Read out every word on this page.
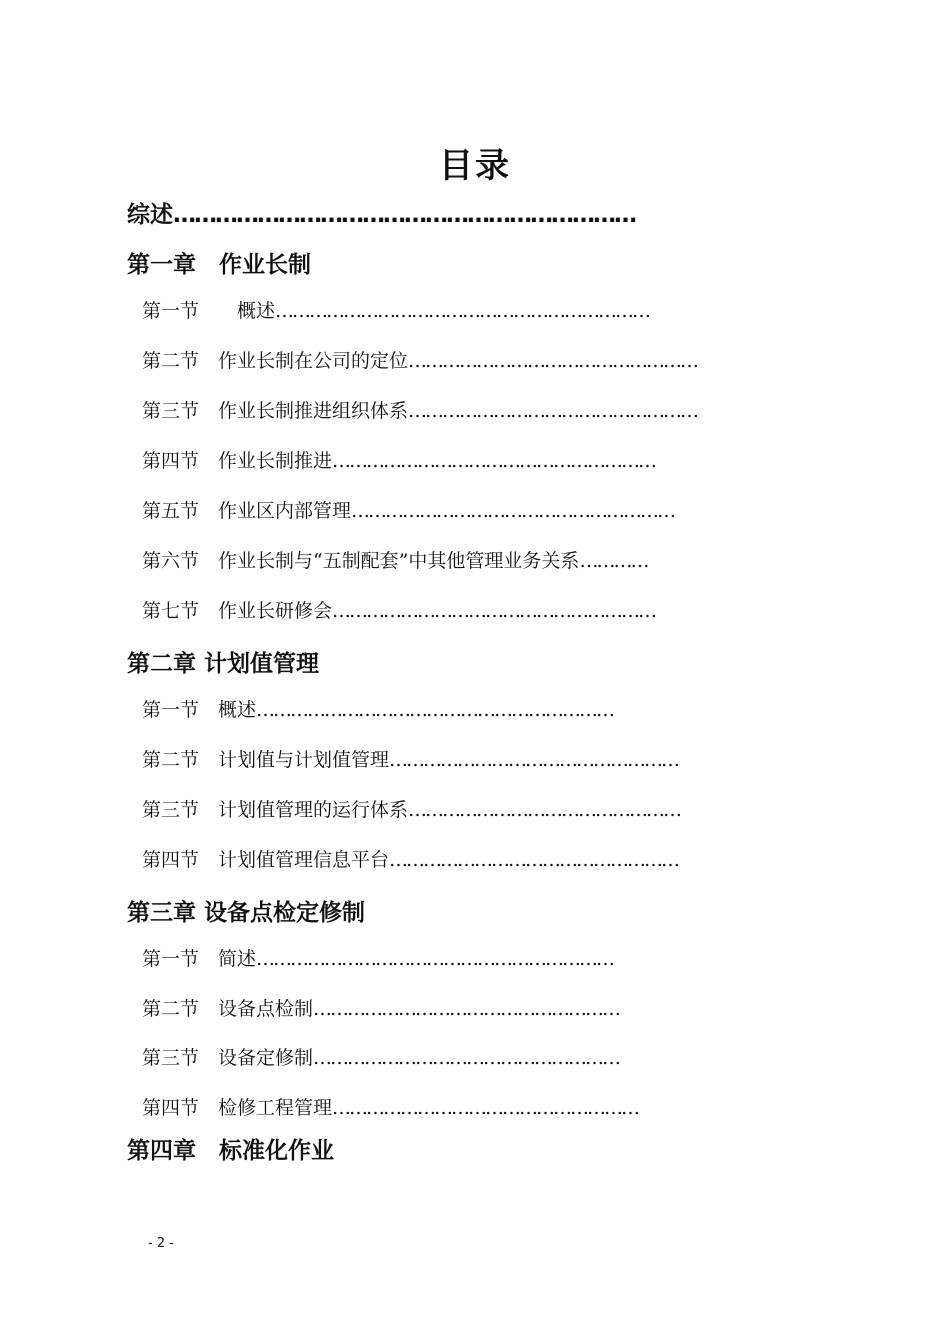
目录
综述…………………………………………………………
第一章　作业长制
第一节　　概述…………………………………………………………
第二节　作业长制在公司的定位……………………………………………
第三节　作业长制推进组织体系……………………………………………
第四节　作业长制推进…………………………………………………
第五节　作业区内部管理…………………………………………………
第六节　作业长制与“五制配套”中其他管理业务关系…………
第七节　作业长研修会…………………………………………………
第二章 计划值管理
第一节　概述………………………………………………………
第二节　计划值与计划值管理……………………………………………
第三节　计划值管理的运行体系…………………………………………
第四节　计划值管理信息平台……………………………………………
第三章 设备点检定修制
第一节　简述………………………………………………………
第二节　设备点检制………………………………………………
第三节　设备定修制………………………………………………
第四节　检修工程管理………………………………………………
第四章　标准化作业
- 2 -
